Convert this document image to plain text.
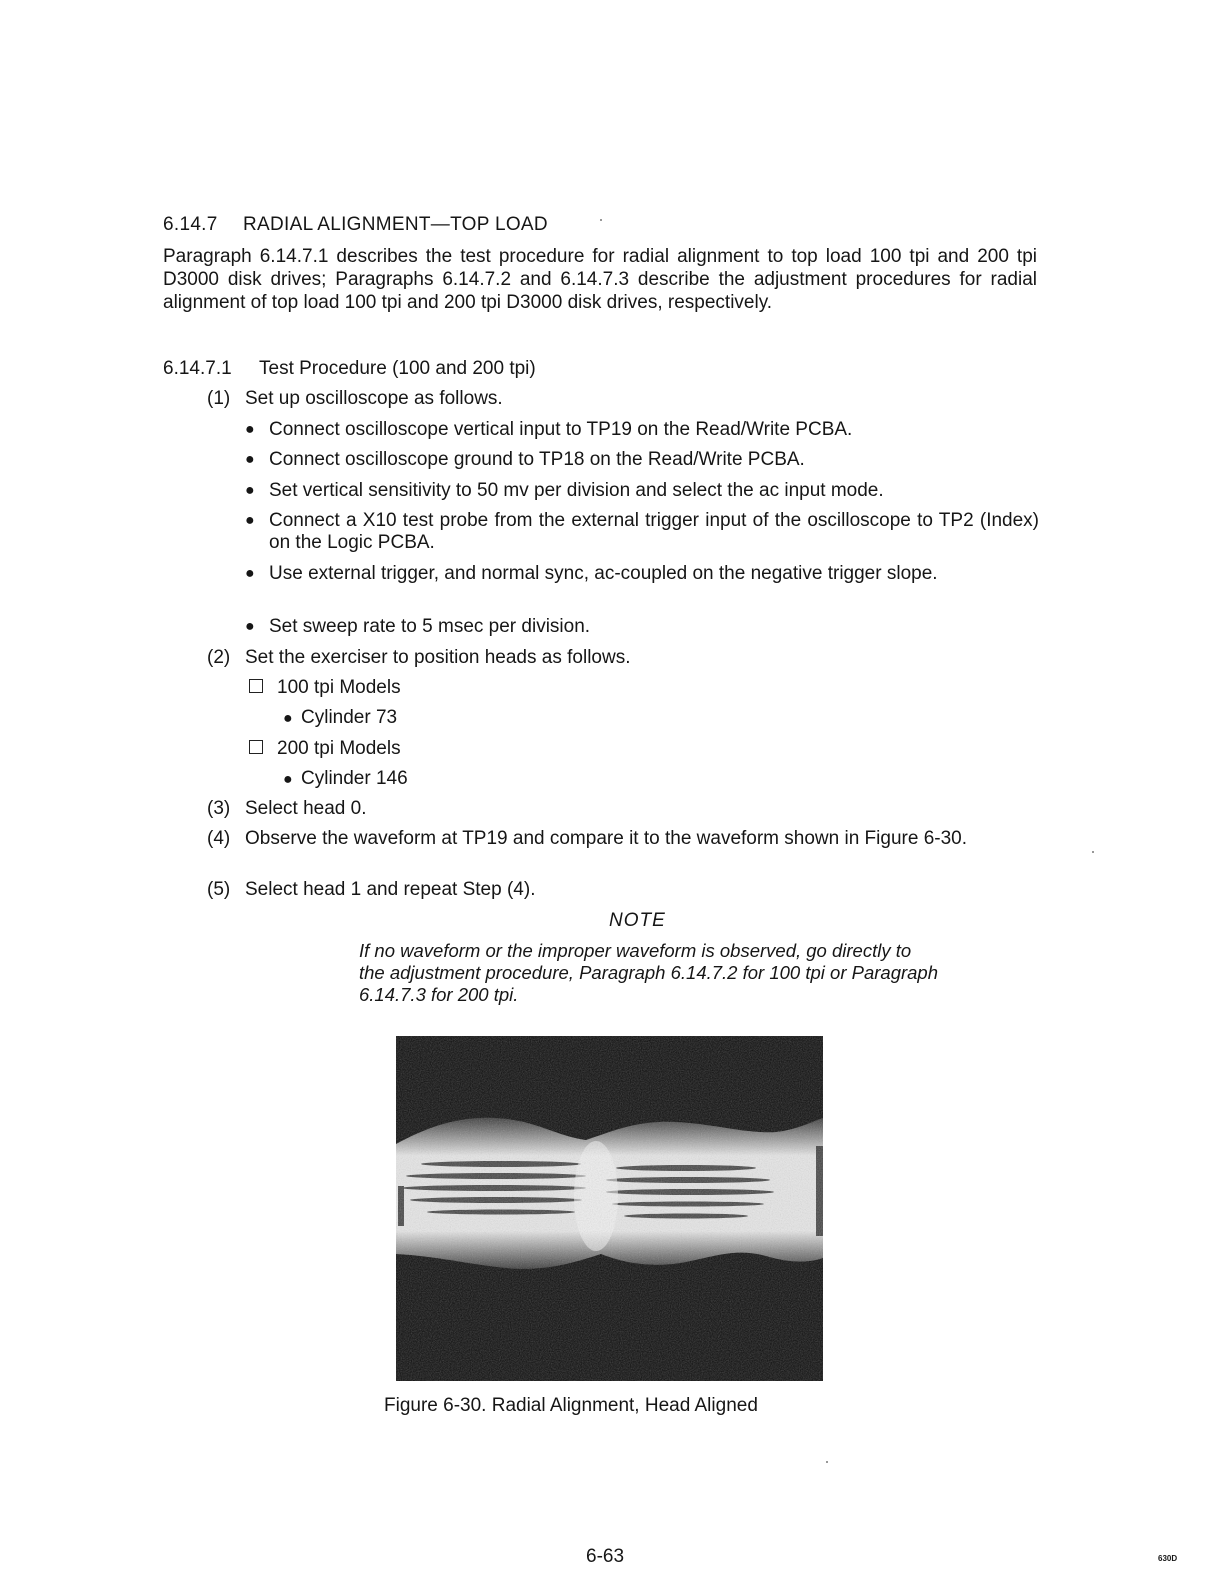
6.14.7 RADIAL ALIGNMENT—TOP LOAD
Paragraph 6.14.7.1 describes the test procedure for radial alignment to top load 100 tpi and 200 tpi D3000 disk drives; Paragraphs 6.14.7.2 and 6.14.7.3 describe the adjustment procedures for radial alignment of top load 100 tpi and 200 tpi D3000 disk drives, respectively.
6.14.7.1 Test Procedure (100 and 200 tpi)
(1) Set up oscilloscope as follows.
● Connect oscilloscope vertical input to TP19 on the Read/Write PCBA.
● Connect oscilloscope ground to TP18 on the Read/Write PCBA.
● Set vertical sensitivity to 50 mv per division and select the ac input mode.
● Connect a X10 test probe from the external trigger input of the oscilloscope to TP2 (Index) on the Logic PCBA.
● Use external trigger, and normal sync, ac-coupled on the negative trigger slope.
● Set sweep rate to 5 msec per division.
(2) Set the exerciser to position heads as follows.
100 tpi Models
● Cylinder 73
200 tpi Models
● Cylinder 146
(3) Select head 0.
(4) Observe the waveform at TP19 and compare it to the waveform shown in Figure 6-30.
(5) Select head 1 and repeat Step (4).
NOTE
If no waveform or the improper waveform is observed, go directly to the adjustment procedure, Paragraph 6.14.7.2 for 100 tpi or Paragraph 6.14.7.3 for 200 tpi.
Figure 6-30. Radial Alignment, Head Aligned
6-63	630D
